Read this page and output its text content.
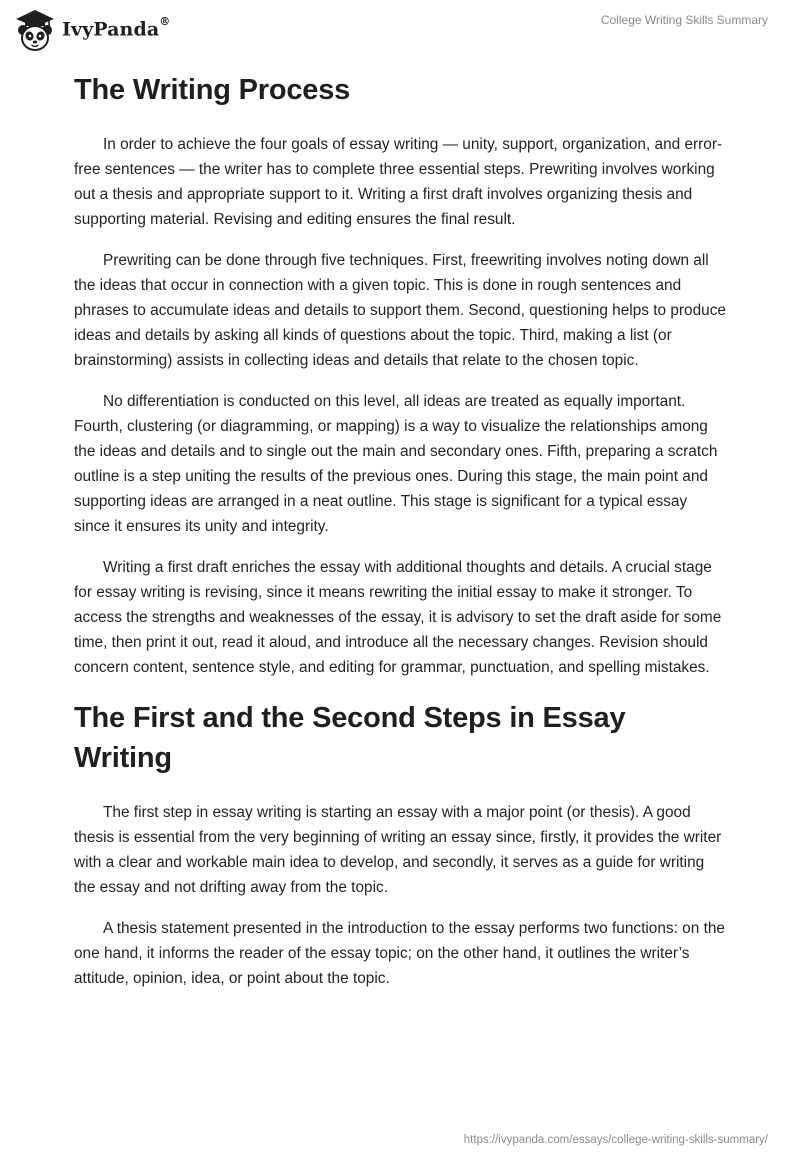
IvyPanda®	College Writing Skills Summary
The Writing Process

In order to achieve the four goals of essay writing — unity, support, organization, and error-free sentences — the writer has to complete three essential steps. Prewriting involves working out a thesis and appropriate support to it. Writing a first draft involves organizing thesis and supporting material. Revising and editing ensures the final result.

Prewriting can be done through five techniques. First, freewriting involves noting down all the ideas that occur in connection with a given topic. This is done in rough sentences and phrases to accumulate ideas and details to support them. Second, questioning helps to produce ideas and details by asking all kinds of questions about the topic. Third, making a list (or brainstorming) assists in collecting ideas and details that relate to the chosen topic.

No differentiation is conducted on this level, all ideas are treated as equally important. Fourth, clustering (or diagramming, or mapping) is a way to visualize the relationships among the ideas and details and to single out the main and secondary ones. Fifth, preparing a scratch outline is a step uniting the results of the previous ones. During this stage, the main point and supporting ideas are arranged in a neat outline. This stage is significant for a typical essay since it ensures its unity and integrity.

Writing a first draft enriches the essay with additional thoughts and details. A crucial stage for essay writing is revising, since it means rewriting the initial essay to make it stronger. To access the strengths and weaknesses of the essay, it is advisory to set the draft aside for some time, then print it out, read it aloud, and introduce all the necessary changes. Revision should concern content, sentence style, and editing for grammar, punctuation, and spelling mistakes.

The First and the Second Steps in Essay Writing

The first step in essay writing is starting an essay with a major point (or thesis). A good thesis is essential from the very beginning of writing an essay since, firstly, it provides the writer with a clear and workable main idea to develop, and secondly, it serves as a guide for writing the essay and not drifting away from the topic.

A thesis statement presented in the introduction to the essay performs two functions: on the one hand, it informs the reader of the essay topic; on the other hand, it outlines the writer’s attitude, opinion, idea, or point about the topic.

https://ivypanda.com/essays/college-writing-skills-summary/
